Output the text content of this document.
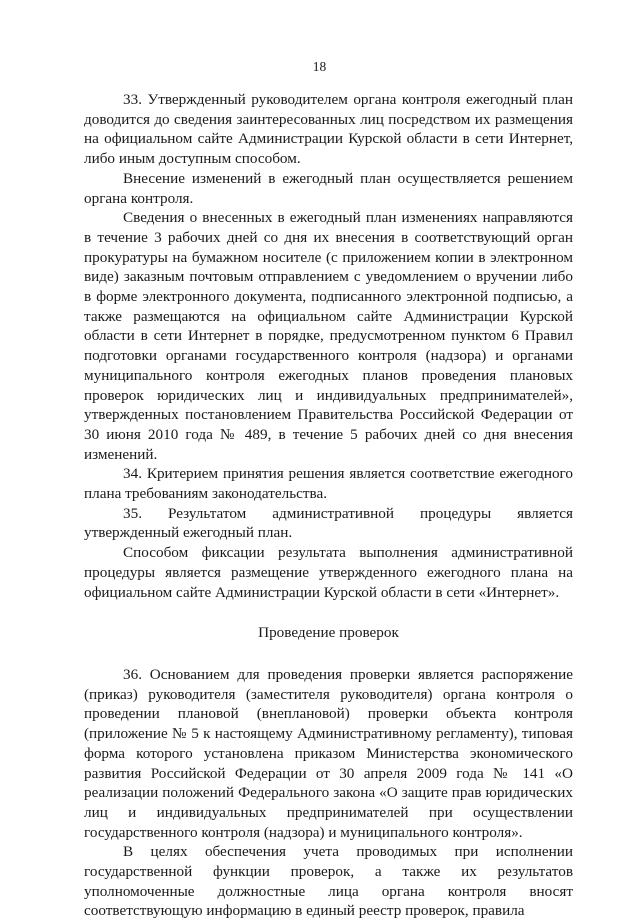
18

33. Утвержденный руководителем органа контроля ежегодный план доводится до сведения заинтересованных лиц посредством их размещения на официальном сайте Администрации Курской области в сети Интернет, либо иным доступным способом.

Внесение изменений в ежегодный план осуществляется решением органа контроля.

Сведения о внесенных в ежегодный план изменениях направляются в течение 3 рабочих дней со дня их внесения в соответствующий орган прокуратуры на бумажном носителе (с приложением копии в электронном виде) заказным почтовым отправлением с уведомлением о вручении либо в форме электронного документа, подписанного электронной подписью, а также размещаются на официальном сайте Администрации Курской области в сети Интернет в порядке, предусмотренном пунктом 6 Правил подготовки органами государственного контроля (надзора) и органами муниципального контроля ежегодных планов проведения плановых проверок юридических лиц и индивидуальных предпринимателей», утвержденных постановлением Правительства Российской Федерации от 30 июня 2010 года № 489, в течение 5 рабочих дней со дня внесения изменений.

34. Критерием принятия решения является соответствие ежегодного плана требованиям законодательства.

35. Результатом административной процедуры является утвержденный ежегодный план.

Способом фиксации результата выполнения административной процедуры является размещение утвержденного ежегодного плана на официальном сайте Администрации Курской области в сети «Интернет».

Проведение проверок

36. Основанием для проведения проверки является распоряжение (приказ) руководителя (заместителя руководителя) органа контроля о проведении плановой (внеплановой) проверки объекта контроля (приложение № 5 к настоящему Административному регламенту), типовая форма которого установлена приказом Министерства экономического развития Российской Федерации от 30 апреля 2009 года № 141 «О реализации положений Федерального закона «О защите прав юридических лиц и индивидуальных предпринимателей при осуществлении государственного контроля (надзора) и муниципального контроля».

В целях обеспечения учета проводимых при исполнении государственной функции проверок, а также их результатов уполномоченные должностные лица органа контроля вносят соответствующую информацию в единый реестр проверок, правила
